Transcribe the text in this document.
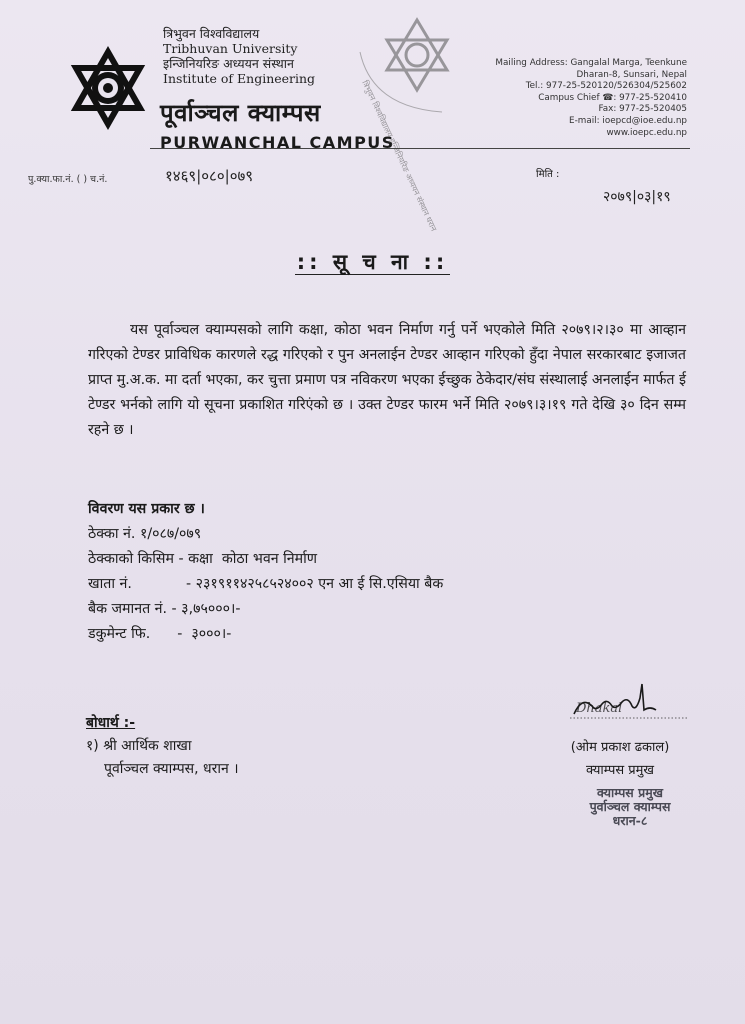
त्रिभुवन विश्वविद्यालय
Tribhuvan University
इन्जिनियरिङ अध्ययन संस्थान
Institute of Engineering
पूर्वाञ्चल क्याम्पस
PURWANCHAL CAMPUS
त्रिभुवन विश्वविद्यालय इन्जिनियरिङ अध्ययन संस्थान धरान
Mailing Address: Gangalal Marga, Teenkune
Dharan-8, Sunsari, Nepal
Tel.: 977-25-520120/526304/525602
Campus Chief ☎: 977-25-520410
Fax: 977-25-520405
E-mail: ioepcd@ioe.edu.np
www.ioepc.edu.np
पु.क्या.फा.नं. ( ) च.नं.	१४६९|०८०|०७९	मिति :
२०७९|०३|१९
:: सू च ना ::
यस पूर्वाञ्चल क्याम्पसको लागि कक्षा, कोठा भवन निर्माण गर्नु पर्ने भएकोले मिति २०७९।२।३० मा आव्हान गरिएको टेण्डर प्राविधिक कारणले रद्ध गरिएको र पुन अनलाईन टेण्डर आव्हान गरिएको हुँदा नेपाल सरकारबाट इजाजत प्राप्त मु.अ.क. मा दर्ता भएका, कर चुत्ता प्रमाण पत्र नविकरण भएका ईच्छुक ठेकेदार/संघ संस्थालाई अनलाईन मार्फत ई टेण्डर भर्नको लागि यो सूचना प्रकाशित गरिएंको छ । उक्त टेण्डर फारम भर्ने मिति २०७९।३।१९ गते देखि ३० दिन सम्म रहने छ ।
विवरण यस प्रकार छ ।
ठेक्का नं. १/०८७/०७९
ठेक्काको किसिम - कक्षा  कोठा भवन निर्माण
खाता नं.            - २३१९११४२५८५२४००२ एन आ ई सि.एसिया बैक
बैक जमानत नं. - ३,७५०००।-
डकुमेन्ट फि.      -  ३०००।-
बोधार्थ :-
१) श्री आर्थिक शाखा
पूर्वाञ्चल क्याम्पस, धरान ।
Dhakal
(ओम प्रकाश ढकाल)
क्याम्पस प्रमुख
क्याम्पस प्रमुख
पुर्वाञ्चल क्याम्पस
धरान-८
